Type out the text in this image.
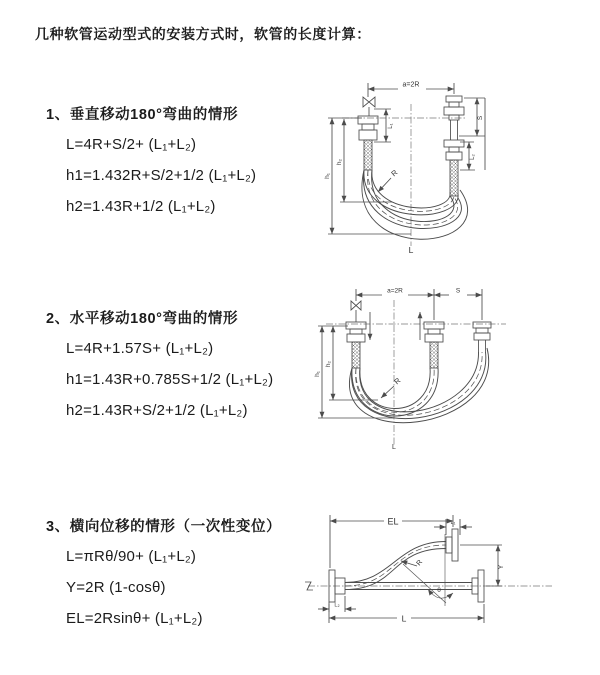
几种软管运动型式的安装方式时，软管的长度计算：
1、垂直移动180°弯曲的情形
L=4R+S/2+ (L₁+L₂)
h1=1.432R+S/2+1/2 (L₁+L₂)
h2=1.43R+1/2 (L₁+L₂)
2、水平移动180°弯曲的情形
L=4R+1.57S+ (L₁+L₂)
h1=1.43R+0.785S+1/2 (L₁+L₂)
h2=1.43R+S/2+1/2 (L₁+L₂)
3、横向位移的情形（一次性变位）
L=πRθ/90+ (L₁+L₂)
Y=2R (1-cosθ)
EL=2Rsinθ+ (L₁+L₂)
a=2R
h₁
h₂
L₁
S
L₂
R
L
a=2R	S
h₁
h₂
R
L
EL	L₁
Y
R
θ
L
L₂
